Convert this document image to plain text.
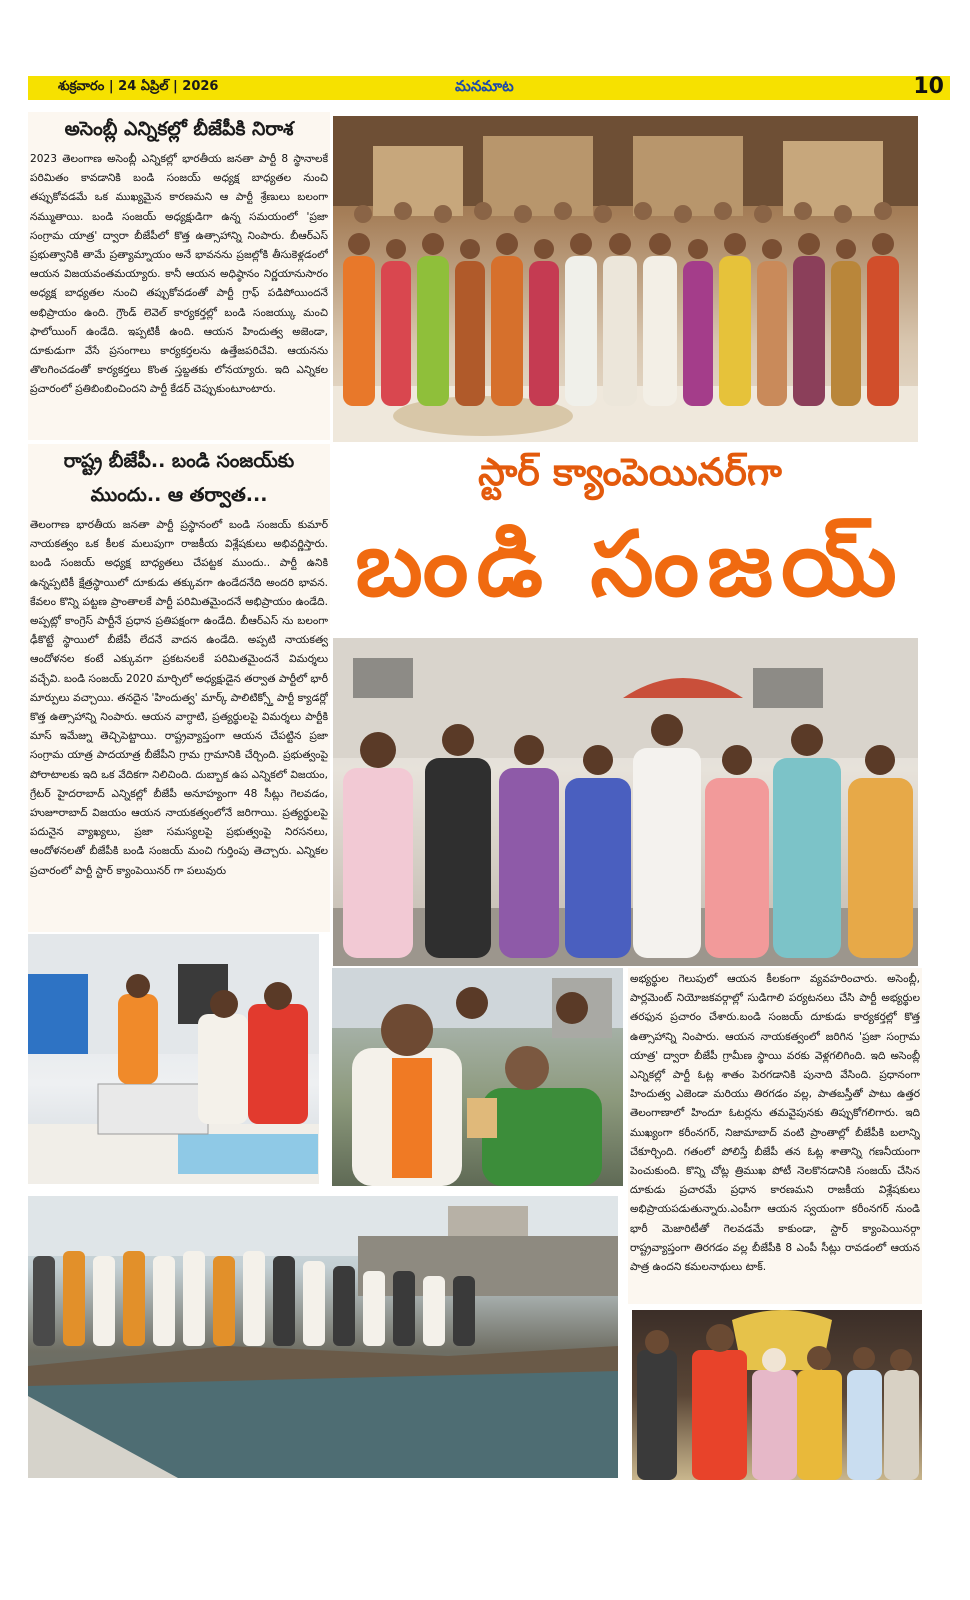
శుక్రవారం | 24 ఏప్రిల్ | 2026	మనమాట	10
అసెంబ్లీ ఎన్నికల్లో బీజేపీకి నిరాశ
2023 తెలంగాణ అసెంబ్లీ ఎన్నికల్లో భారతీయ జనతా పార్టీ 8 స్థానాలకే పరిమితం కావడానికి బండి సంజయ్ అధ్యక్ష బాధ్యతల నుంచి తప్పుకోవడమే ఒక ముఖ్యమైన కారణమని ఆ పార్టీ శ్రేణులు బలంగా నమ్ముతాయి. బండి సంజయ్ అధ్యక్షుడిగా ఉన్న సమయంలో 'ప్రజా సంగ్రామ యాత్ర' ద్వారా బీజేపీలో కొత్త ఉత్సాహాన్ని నింపారు. బీఆర్ఎస్ ప్రభుత్వానికి తామే ప్రత్యామ్నాయం అనే భావనను ప్రజల్లోకి తీసుకెళ్లడంలో ఆయన విజయవంతమయ్యారు. కానీ ఆయన అధిష్ఠానం నిర్ణయానుసారం అధ్యక్ష బాధ్యతల నుంచి తప్పుకోవడంతో పార్టీ గ్రాఫ్ పడిపోయిందనే అభిప్రాయం ఉంది. గ్రౌండ్ లెవెల్ కార్యకర్తల్లో బండి సంజయ్కు మంచి ఫాలోయింగ్ ఉండేది. ఇప్పటికీ ఉంది. ఆయన హిందుత్వ అజెండా, దూకుడుగా వేసే ప్రసంగాలు కార్యకర్తలను ఉత్తేజపరిచేవి. ఆయనను తొలగించడంతో కార్యకర్తలు కొంత స్తబ్దతకు లోనయ్యారు. ఇది ఎన్నికల ప్రచారంలో ప్రతిబింబించిందని పార్టీ కేడర్ చెప్పుకుంటూంటారు.
రాష్ట్ర బీజేపీ.. బండి సంజయ్‌కు
ముందు.. ఆ తర్వాత...
తెలంగాణ భారతీయ జనతా పార్టీ ప్రస్థానంలో బండి సంజయ్ కుమార్ నాయకత్వం ఒక కీలక మలుపుగా రాజకీయ విశ్లేషకులు అభివర్ణిస్తారు. బండి సంజయ్ అధ్యక్ష బాధ్యతలు చేపట్టక ముందు.. పార్టీ ఉనికి ఉన్నప్పటికీ క్షేత్రస్థాయిలో దూకుడు తక్కువగా ఉండేదనేది అందరి భావన. కేవలం కొన్ని పట్టణ ప్రాంతాలకే పార్టీ పరిమితమైందనే అభిప్రాయం ఉండేది. అప్పట్లో కాంగ్రెస్ పార్టీనే ప్రధాన ప్రతిపక్షంగా ఉండేది. బీఆర్ఎస్ ను బలంగా ఢీకొట్టే స్థాయిలో బీజేపీ లేదనే వాదన ఉండేది. అప్పటి నాయకత్వ ఆందోళనల కంటే ఎక్కువగా ప్రకటనలకే పరిమితమైందనే విమర్శలు వచ్చేవి. బండి సంజయ్ 2020 మార్చిలో అధ్యక్షుడైన తర్వాత పార్టీలో భారీ మార్పులు వచ్చాయి. తనదైన 'హిందుత్వ' మార్క్ పాలిటిక్స్తో పార్టీ క్యాడర్లో కొత్త ఉత్సాహాన్ని నింపారు. ఆయన వాగ్ధాటి, ప్రత్యర్థులపై విమర్శలు పార్టీకి మాస్ ఇమేజ్ను తెచ్చిపెట్టాయి. రాష్ట్రవ్యాప్తంగా ఆయన చేపట్టిన ప్రజా సంగ్రామ యాత్ర పాదయాత్ర బీజేపీని గ్రామ గ్రామానికి చేర్చింది. ప్రభుత్వంపై పోరాటాలకు ఇది ఒక వేదికగా నిలిచింది. దుబ్బాక ఉప ఎన్నికలో విజయం, గ్రేటర్ హైదరాబాద్ ఎన్నికల్లో బీజేపీ అనూహ్యంగా 48 సీట్లు గెలవడం, హుజూరాబాద్ విజయం ఆయన నాయకత్వంలోనే జరిగాయి. ప్రత్యర్థులపై పదునైన వ్యాఖ్యలు, ప్రజా సమస్యలపై ప్రభుత్వంపై నిరసనలు, ఆందోళనలతో బీజేపీకి బండి సంజయ్ మంచి గుర్తింపు తెచ్చారు. ఎన్నికల ప్రచారంలో పార్టీ స్టార్ క్యాంపెయినర్ గా పలువురు
స్టార్ క్యాంపెయినర్‌గా
బండి సంజయ్
అభ్యర్థుల గెలుపులో ఆయన కీలకంగా వ్యవహరించారు. అసెంబ్లీ, పార్లమెంట్ నియోజకవర్గాల్లో సుడిగాలి పర్యటనలు చేసి పార్టీ అభ్యర్థుల తరఫున ప్రచారం చేశారు.బండి సంజయ్ దూకుడు కార్యకర్తల్లో కొత్త ఉత్సాహాన్ని నింపారు. ఆయన నాయకత్వంలో జరిగిన 'ప్రజా సంగ్రామ యాత్ర' ద్వారా బీజేపీ గ్రామీణ స్థాయి వరకు వెళ్లగలిగింది. ఇది అసెంబ్లీ ఎన్నికల్లో పార్టీ ఓట్ల శాతం పెరగడానికి పునాది వేసింది. ప్రధానంగా హిందుత్వ ఎజెండా మరియు తిరగడం వల్ల, పాతబస్తీతో పాటు ఉత్తర తెలంగాణాలో హిందూ ఓటర్లను తమవైపునకు తిప్పుకోగలిగారు. ఇది ముఖ్యంగా కరీంనగర్, నిజామాబాద్ వంటి ప్రాంతాల్లో బీజేపీకి బలాన్ని చేకూర్చింది. గతంలో పోలిస్తే బీజేపీ తన ఓట్ల శాతాన్ని గణనీయంగా పెంచుకుంది. కొన్ని చోట్ల త్రిముఖ పోటీ నెలకొనడానికి సంజయ్ చేసిన దూకుడు ప్రచారమే ప్రధాన కారణమని రాజకీయ విశ్లేషకులు అభిప్రాయపడుతున్నారు.ఎంపీగా ఆయన స్వయంగా కరీంనగర్ నుండి భారీ మెజారిటీతో గెలవడమే కాకుండా, స్టార్ క్యాంపెయినర్గా రాష్ట్రవ్యాప్తంగా తిరగడం వల్ల బీజేపీకి 8 ఎంపీ సీట్లు రావడంలో ఆయన పాత్ర ఉందని కమలనాథులు టాక్.
